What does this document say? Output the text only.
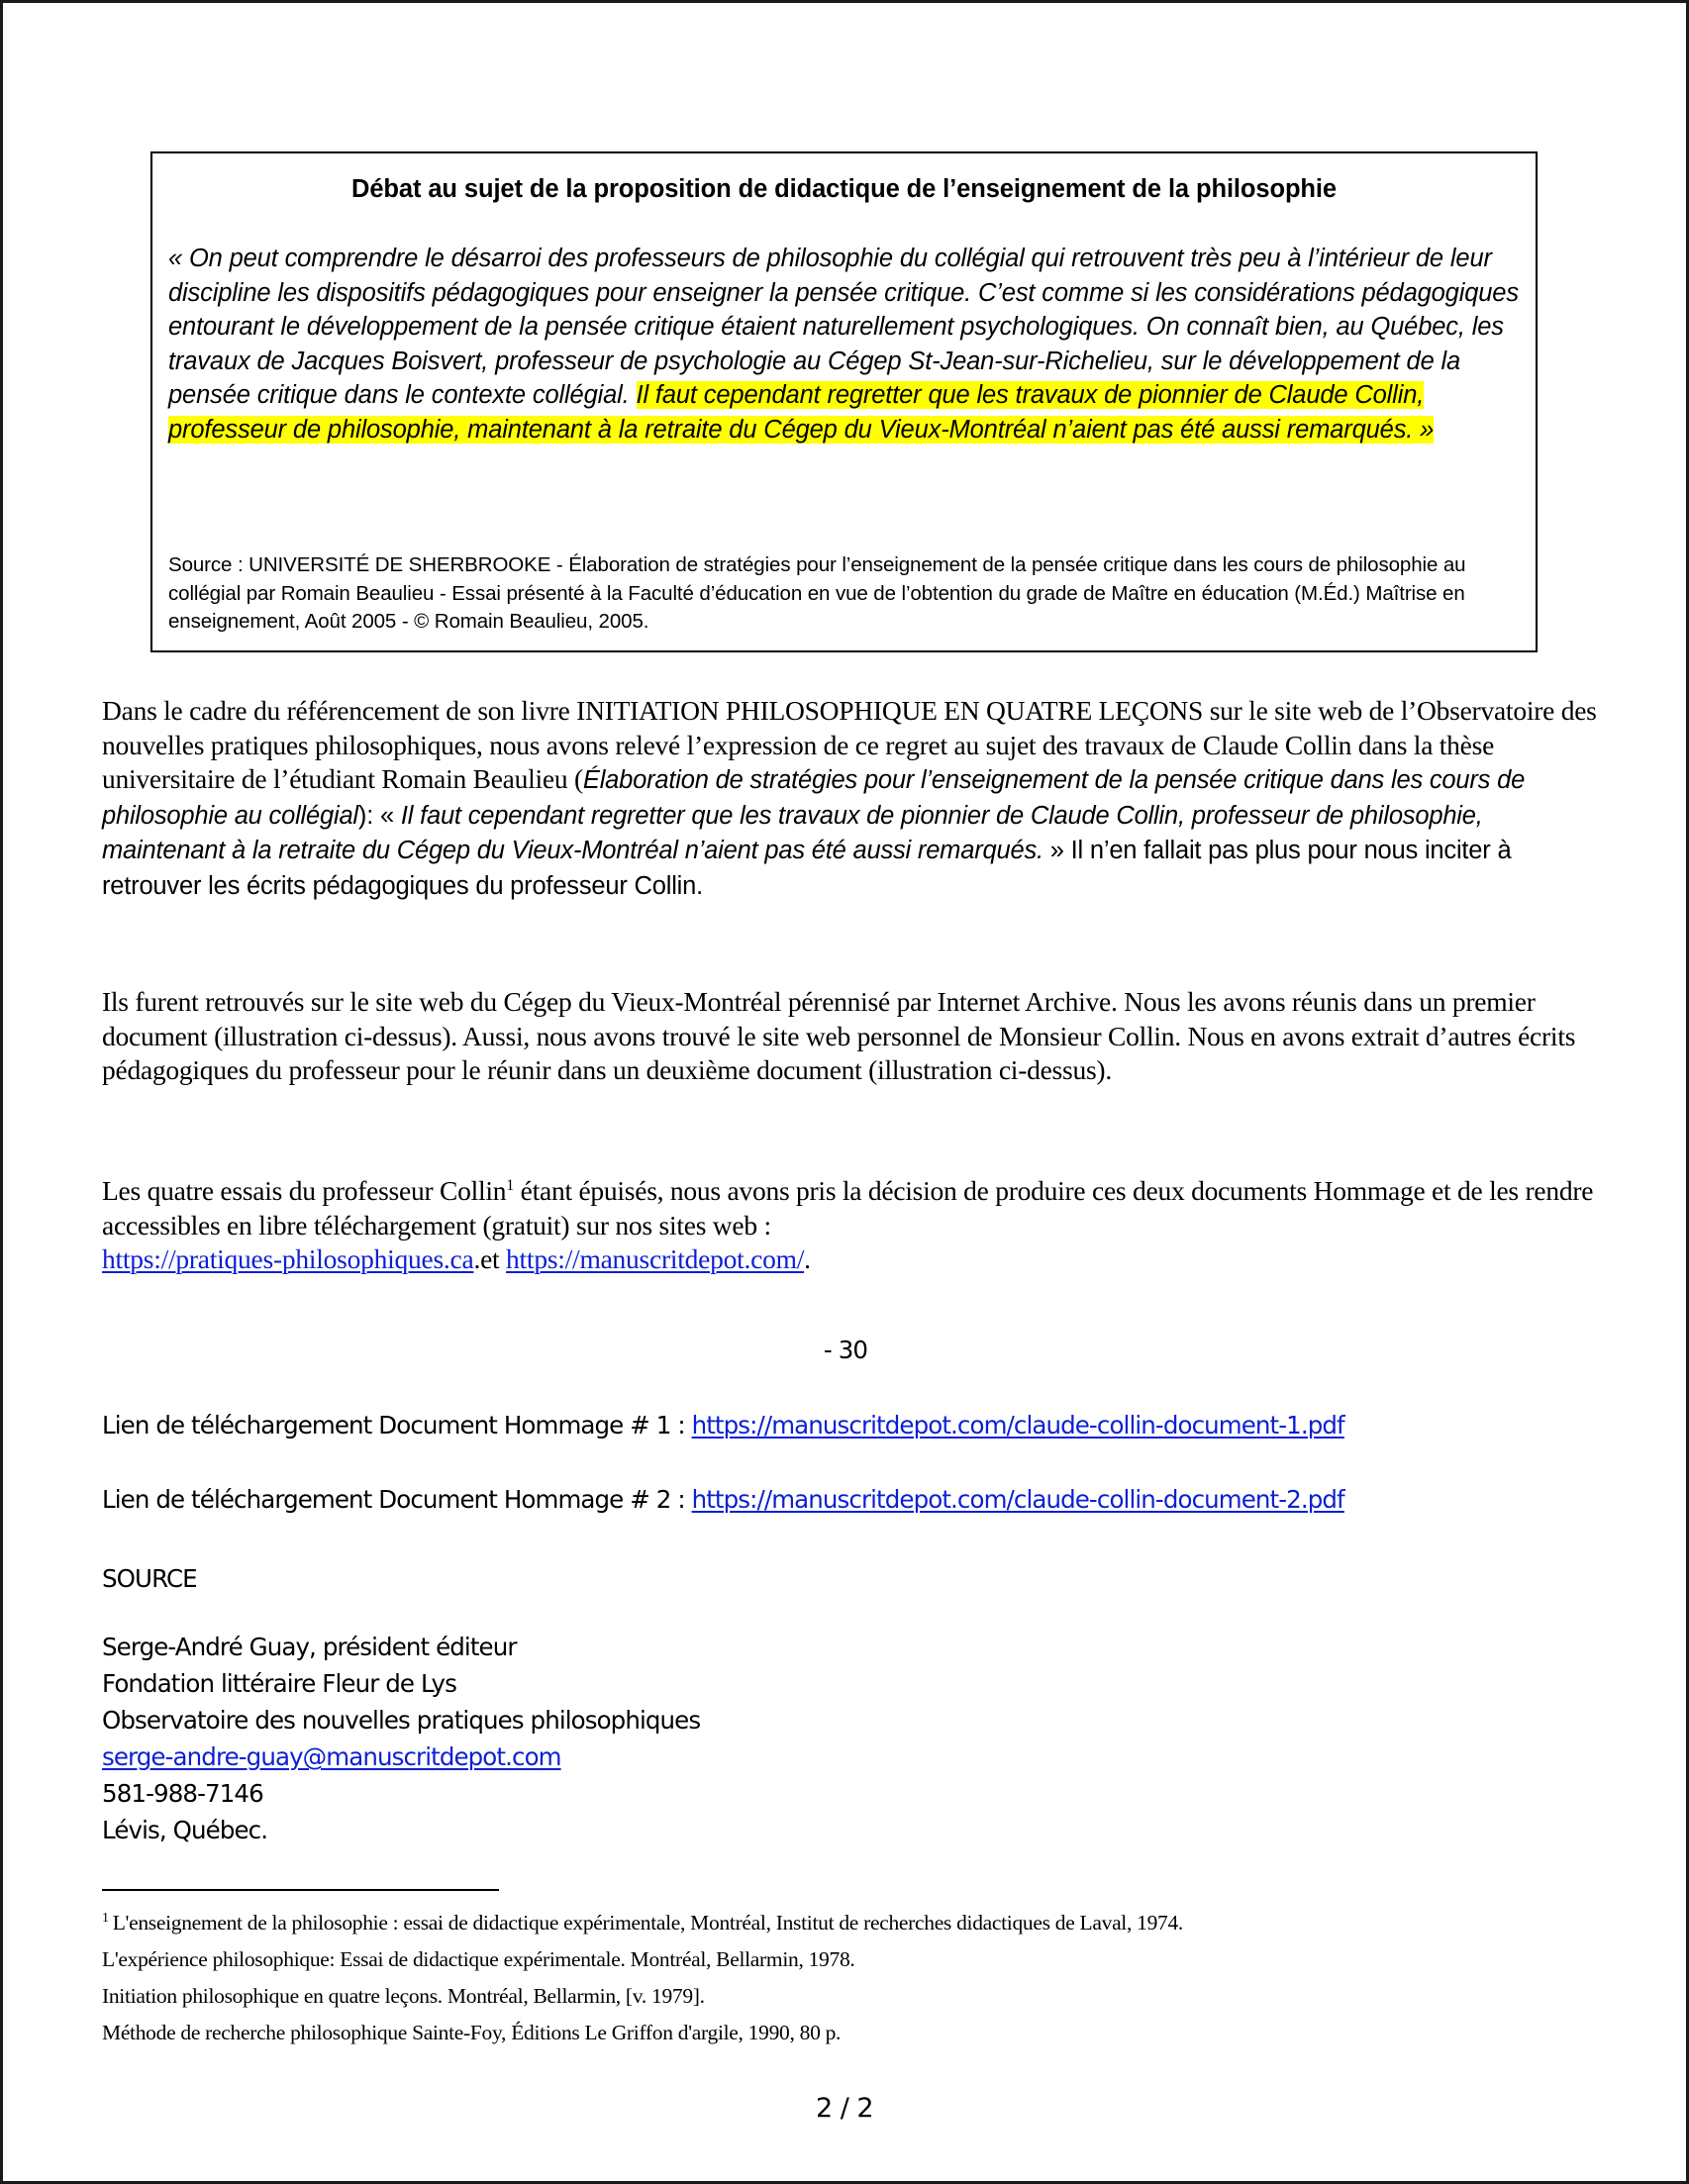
Débat au sujet de la proposition de didactique de l’enseignement de la philosophie
« On peut comprendre le désarroi des professeurs de philosophie du collégial qui retrouvent très peu à l’intérieur de leur discipline les dispositifs pédagogiques pour enseigner la pensée critique. C’est comme si les considérations pédagogiques entourant le développement de la pensée critique étaient naturellement psychologiques. On connaît bien, au Québec, les travaux de Jacques Boisvert, professeur de psychologie au Cégep St-Jean-sur-Richelieu, sur le développement de la pensée critique dans le contexte collégial. Il faut cependant regretter que les travaux de pionnier de Claude Collin, professeur de philosophie, maintenant à la retraite du Cégep du Vieux-Montréal n’aient pas été aussi remarqués. »
Source : UNIVERSITÉ DE SHERBROOKE - Élaboration de stratégies pour l’enseignement de la pensée critique dans les cours de philosophie au collégial par Romain Beaulieu - Essai présenté à la Faculté d’éducation en vue de l’obtention du grade de Maître en éducation (M.Éd.) Maîtrise en enseignement, Août 2005 - © Romain Beaulieu, 2005.
Dans le cadre du référencement de son livre INITIATION PHILOSOPHIQUE EN QUATRE LEÇONS sur le site web de l’Observatoire des nouvelles pratiques philosophiques, nous avons relevé l’expression de ce regret au sujet des travaux de Claude Collin dans la thèse universitaire de l’étudiant Romain Beaulieu (Élaboration de stratégies pour l’enseignement de la pensée critique dans les cours de philosophie au collégial): « Il faut cependant regretter que les travaux de pionnier de Claude Collin, professeur de philosophie, maintenant à la retraite du Cégep du Vieux-Montréal n’aient pas été aussi remarqués. » Il n’en fallait pas plus pour nous inciter à retrouver les écrits pédagogiques du professeur Collin.
Ils furent retrouvés sur le site web du Cégep du Vieux-Montréal pérennisé par Internet Archive. Nous les avons réunis dans un premier document (illustration ci-dessus). Aussi, nous avons trouvé le site web personnel de Monsieur Collin. Nous en avons extrait d’autres écrits pédagogiques du professeur pour le réunir dans un deuxième document (illustration ci-dessus).
Les quatre essais du professeur Collin$^1$ étant épuisés, nous avons pris la décision de produire ces deux documents Hommage et de les rendre accessibles en libre téléchargement (gratuit) sur nos sites web :
https://pratiques-philosophiques.ca.et https://manuscritdepot.com/.
- 30
Lien de téléchargement Document Hommage # 1 : https://manuscritdepot.com/claude-collin-document-1.pdf
Lien de téléchargement Document Hommage # 2 : https://manuscritdepot.com/claude-collin-document-2.pdf
SOURCE
Serge-André Guay, président éditeur
Fondation littéraire Fleur de Lys
Observatoire des nouvelles pratiques philosophiques
serge-andre-guay@manuscritdepot.com
581-988-7146
Lévis, Québec.
$^1$ L'enseignement de la philosophie : essai de didactique expérimentale, Montréal, Institut de recherches didactiques de Laval, 1974.
L'expérience philosophique: Essai de didactique expérimentale. Montréal, Bellarmin, 1978.
Initiation philosophique en quatre leçons. Montréal, Bellarmin, [v. 1979].
Méthode de recherche philosophique Sainte-Foy, Éditions Le Griffon d'argile, 1990, 80 p.
2 / 2
